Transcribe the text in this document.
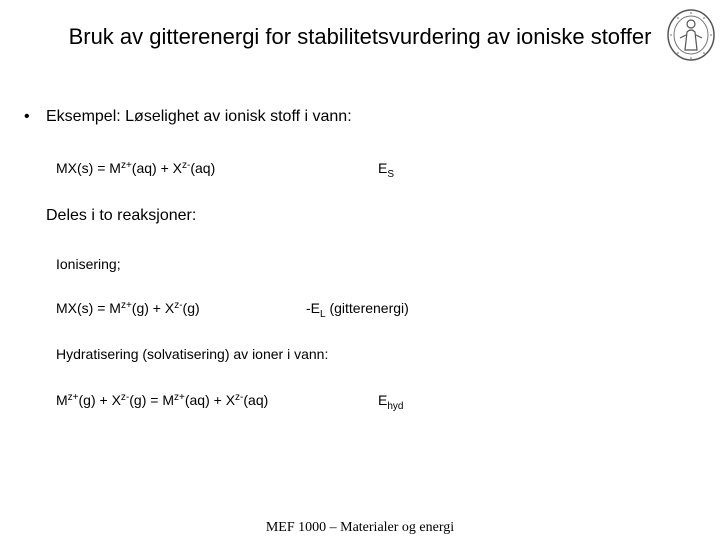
Bruk av gitterenergi for stabilitetsvurdering av ioniske stoffer
• Eksempel: Løselighet av ionisk stoff i vann:
$MX(s) = M^{z+}(aq) + X^{z-}(aq)$	$E_S$
Deles i to reaksjoner:
Ionisering;
$MX(s) = M^{z+}(g) + X^{z-}(g)$	$-E_L$ (gitterenergi)
Hydratisering (solvatisering) av ioner i vann:
$M^{z+}(g) + X^{z-}(g) = M^{z+}(aq) + X^{z-}(aq)$	$E_{hyd}$
MEF 1000 – Materialer og energi
